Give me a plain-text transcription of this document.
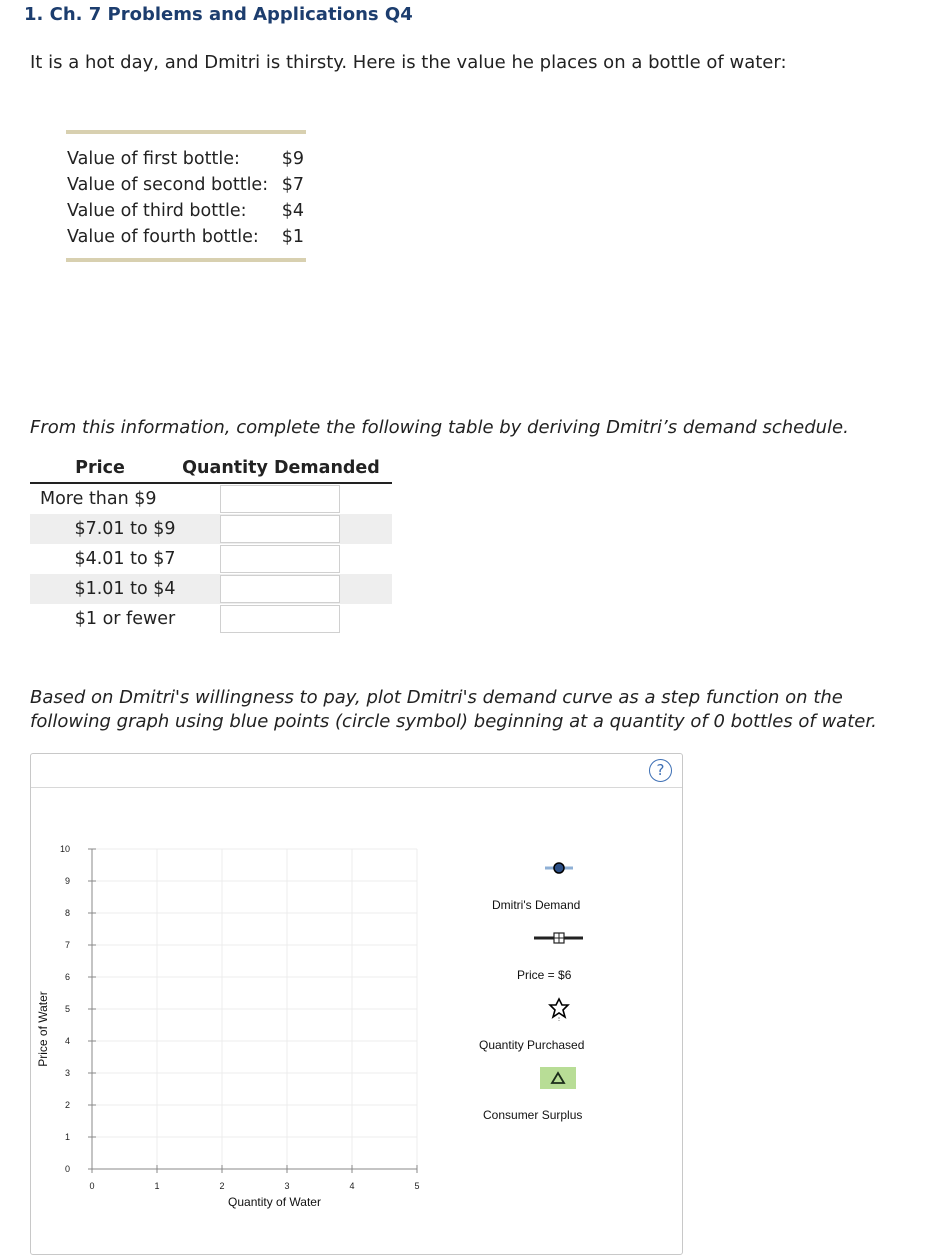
1. Ch. 7 Problems and Applications Q4
It is a hot day, and Dmitri is thirsty. Here is the value he places on a bottle of water:
Value of first bottle: $9
Value of second bottle: $7
Value of third bottle: $4
Value of fourth bottle: $1
From this information, complete the following table by deriving Dmitri’s demand schedule.
Price	Quantity Demanded
More than $9
$7.01 to $9
$4.01 to $7
$1.01 to $4
$1 or fewer
Based on Dmitri's willingness to pay, plot Dmitri's demand curve as a step function on the following graph using blue points (circle symbol) beginning at a quantity of 0 bottles of water.
?
0
1
2
3
4
5
6
7
8
9
10
0	1	2	3	4	5
Quantity of Water
Price of Water
Dmitri's Demand
Price = $6
Quantity Purchased
Consumer Surplus
